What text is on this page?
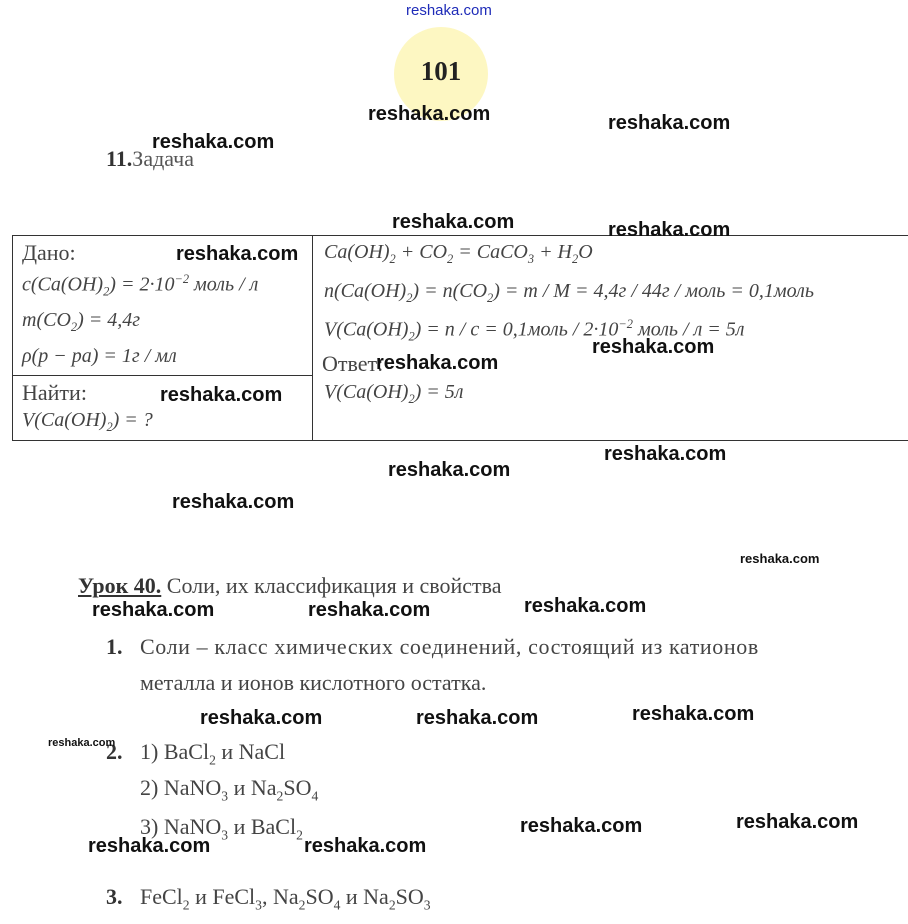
reshaka.com
101
11.Задача
Дано:
$c(Ca(OH)_2) = 2\cdot 10^{-2}$ моль / л
$m(CO_2) = 4,4г$
ρ(р − ра) = 1г / мл
Найти:
$V(Ca(OH)_2)$ = ?
$Ca(OH)_2 + CO_2$ = CaCO$_3$ + $H_2O$
$n(Ca(OH)_2) = n(CO_2) = m / M = 4,4г / 44г$ / моль = 0,1моль
$V(Ca(OH)_2) = n / c$ = 0,1моль / $2\cdot 10^{-2}$ моль / л = 5л
Ответ:
$V(Ca(OH)_2) = 5л$
Урок 40. Соли, их классификация и свойства
1. Соли – класс химических соединений, состоящий из катионов
металла и ионов кислотного остатка.
2. 1) BaCl$_2$ и NaCl
2) NaNO$_3$ и $Na_2SO_4$
3) NaNO$_3$ и BaCl$_2$
3. FeCl$_2$ и FeCl$_3$, $Na_2SO_4$ и $Na_2SO_3$
reshaka.com	reshaka.com
reshaka.com
reshaka.com	reshaka.com
reshaka.com
reshaka.com
reshaka.com
reshaka.com
reshaka.com
reshaka.com
reshaka.com
reshaka.com
reshaka.com
reshaka.com
reshaka.com
reshaka.com
reshaka.com
reshaka.com
reshaka.com
reshaka.com
reshaka.com
reshaka.com
reshaka.com
